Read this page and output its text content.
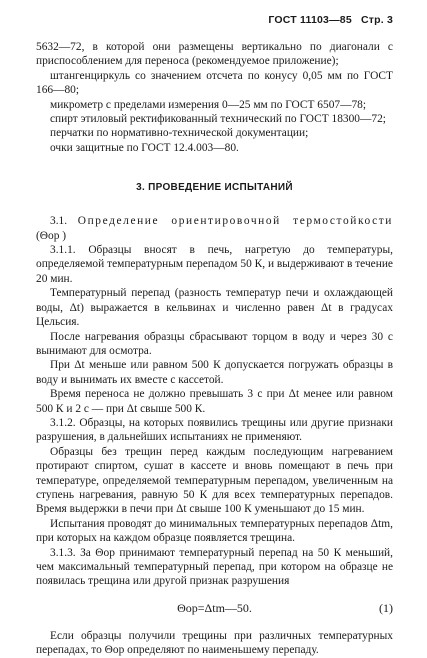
ГОСТ 11103—85 Стр. 3

5632—72, в которой они размещены вертикально по диагонали с приспособлением для переноса (рекомендуемое приложение);

штангенциркуль со значением отсчета по конусу 0,05 мм по ГОСТ 166—80;

микрометр с пределами измерения 0—25 мм по ГОСТ 6507—78;

спирт этиловый ректификованный технический по ГОСТ 18300—72;

перчатки по нормативно-технической документации;

очки защитные по ГОСТ 12.4.003—80.

3. ПРОВЕДЕНИЕ ИСПЫТАНИЙ

3.1. Определение ориентировочной термостойкости (Θор )

3.1.1. Образцы вносят в печь, нагретую до температуры, определяемой температурным перепадом 50 К, и выдерживают в течение 20 мин.

Температурный перепад (разность температур печи и охлаждающей воды, Δt) выражается в кельвинах и численно равен Δt в градусах Цельсия.

После нагревания образцы сбрасывают торцом в воду и через 30 с вынимают для осмотра.

При Δt меньше или равном 500 К допускается погружать образцы в воду и вынимать их вместе с кассетой.

Время переноса не должно превышать 3 с при Δt менее или равном 500 К и 2 с — при Δt свыше 500 К.

3.1.2. Образцы, на которых появились трещины или другие признаки разрушения, в дальнейших испытаниях не применяют.

Образцы без трещин перед каждым последующим нагреванием протирают спиртом, сушат в кассете и вновь помещают в печь при температуре, определяемой температурным перепадом, увеличенным на ступень нагревания, равную 50 К для всех температурных перепадов. Время выдержки в печи при Δt свыше 100 К уменьшают до 15 мин.

Испытания проводят до минимальных температурных перепадов Δtm, при которых на каждом образце появляется трещина.

3.1.3. За Θор принимают температурный перепад на 50 К меньший, чем максимальный температурный перепад, при котором на образце не появилась трещина или другой признак разрушения

Θор=Δtm—50.	(1)

Если образцы получили трещины при различных температурных перепадах, то Θор определяют по наименьшему перепаду.
